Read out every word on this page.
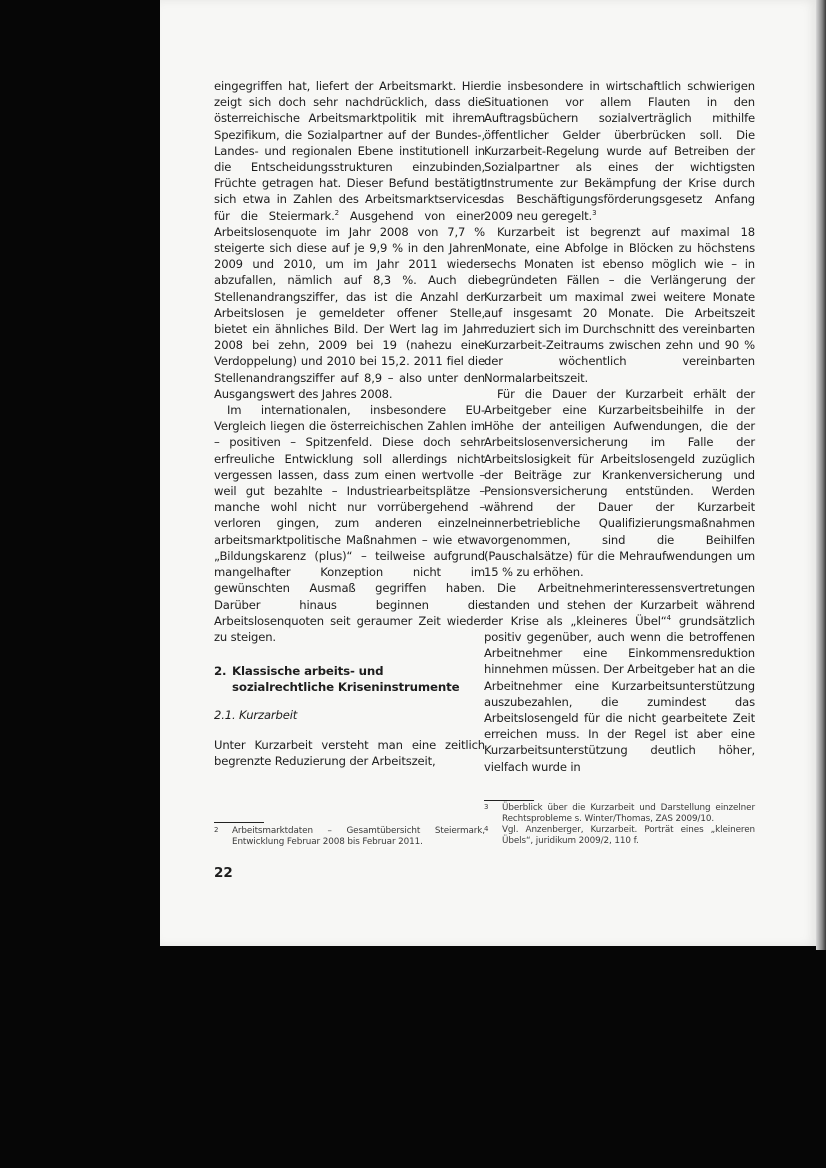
eingegriffen hat, liefert der Arbeitsmarkt. Hier zeigt sich doch sehr nachdrücklich, dass die österreichische Arbeitsmarktpolitik mit ihrem Spezifikum, die Sozialpartner auf der Bundes-, Landes- und regionalen Ebene institutionell in die Entscheidungsstrukturen einzubinden, Früchte getragen hat. Dieser Befund bestätigt sich etwa in Zahlen des Arbeitsmarktservices für die Steiermark.$^2$ Ausgehend von einer Arbeitslosenquote im Jahr 2008 von 7,7 % steigerte sich diese auf je 9,9 % in den Jahren 2009 und 2010, um im Jahr 2011 wieder abzufallen, nämlich auf 8,3 %. Auch die Stellenandrangsziffer, das ist die Anzahl der Arbeitslosen je gemeldeter offener Stelle, bietet ein ähnliches Bild. Der Wert lag im Jahr 2008 bei zehn, 2009 bei 19 (nahezu eine Verdoppelung) und 2010 bei 15,2. 2011 fiel die Stellenandrangsziffer auf 8,9 – also unter den Ausgangswert des Jahres 2008.

Im internationalen, insbesondere EU-Vergleich liegen die österreichischen Zahlen im – positiven – Spitzenfeld. Diese doch sehr erfreuliche Entwicklung soll allerdings nicht vergessen lassen, dass zum einen wertvolle – weil gut bezahlte – Industriearbeitsplätze – manche wohl nicht nur vorrübergehend – verloren gingen, zum anderen einzelne arbeitsmarktpolitische Maßnahmen – wie etwa „Bildungskarenz (plus)“ – teilweise aufgrund mangelhafter Konzeption nicht im gewünschten Ausmaß gegriffen haben. Darüber hinaus beginnen die Arbeitslosenquoten seit geraumer Zeit wieder zu steigen.

2. Klassische arbeits- und sozialrechtliche Kriseninstrumente

2.1. Kurzarbeit

Unter Kurzarbeit versteht man eine zeitlich begrenzte Reduzierung der Arbeitszeit,

2	Arbeitsmarktdaten – Gesamtübersicht Steiermark, Entwicklung Februar 2008 bis Februar 2011.

die insbesondere in wirtschaftlich schwierigen Situationen vor allem Flauten in den Auftragsbüchern sozialverträglich mithilfe öffentlicher Gelder überbrücken soll. Die Kurzarbeit-Regelung wurde auf Betreiben der Sozialpartner als eines der wichtigsten Instrumente zur Bekämpfung der Krise durch das Beschäftigungsförderungsgesetz Anfang 2009 neu geregelt.$^3$

Kurzarbeit ist begrenzt auf maximal 18 Monate, eine Abfolge in Blöcken zu höchstens sechs Monaten ist ebenso möglich wie – in begründeten Fällen – die Verlängerung der Kurzarbeit um maximal zwei weitere Monate auf insgesamt 20 Monate. Die Arbeitszeit reduziert sich im Durchschnitt des vereinbarten Kurzarbeit-Zeitraums zwischen zehn und 90 % der wöchentlich vereinbarten Normalarbeitszeit.

Für die Dauer der Kurzarbeit erhält der Arbeitgeber eine Kurzarbeitsbeihilfe in der Höhe der anteiligen Aufwendungen, die der Arbeitslosenversicherung im Falle der Arbeitslosigkeit für Arbeitslosengeld zuzüglich der Beiträge zur Krankenversicherung und Pensionsversicherung entstünden. Werden während der Dauer der Kurzarbeit innerbetriebliche Qualifizierungsmaßnahmen vorgenommen, sind die Beihilfen (Pauschalsätze) für die Mehraufwendungen um 15 % zu erhöhen.

Die Arbeitnehmerinteressensvertretungen standen und stehen der Kurzarbeit während der Krise als „kleineres Übel“$^4$ grundsätzlich positiv gegenüber, auch wenn die betroffenen Arbeitnehmer eine Einkommensreduktion hinnehmen müssen. Der Arbeitgeber hat an die Arbeitnehmer eine Kurzarbeitsunterstützung auszubezahlen, die zumindest das Arbeitslosengeld für die nicht gearbeitete Zeit erreichen muss. In der Regel ist aber eine Kurzarbeitsunterstützung deutlich höher, vielfach wurde in

3	Überblick über die Kurzarbeit und Darstellung einzelner Rechtsprobleme s. Winter/Thomas, ZAS 2009/10.
4	Vgl. Anzenberger, Kurzarbeit. Porträt eines „kleineren Übels“, juridikum 2009/2, 110 f.
22
